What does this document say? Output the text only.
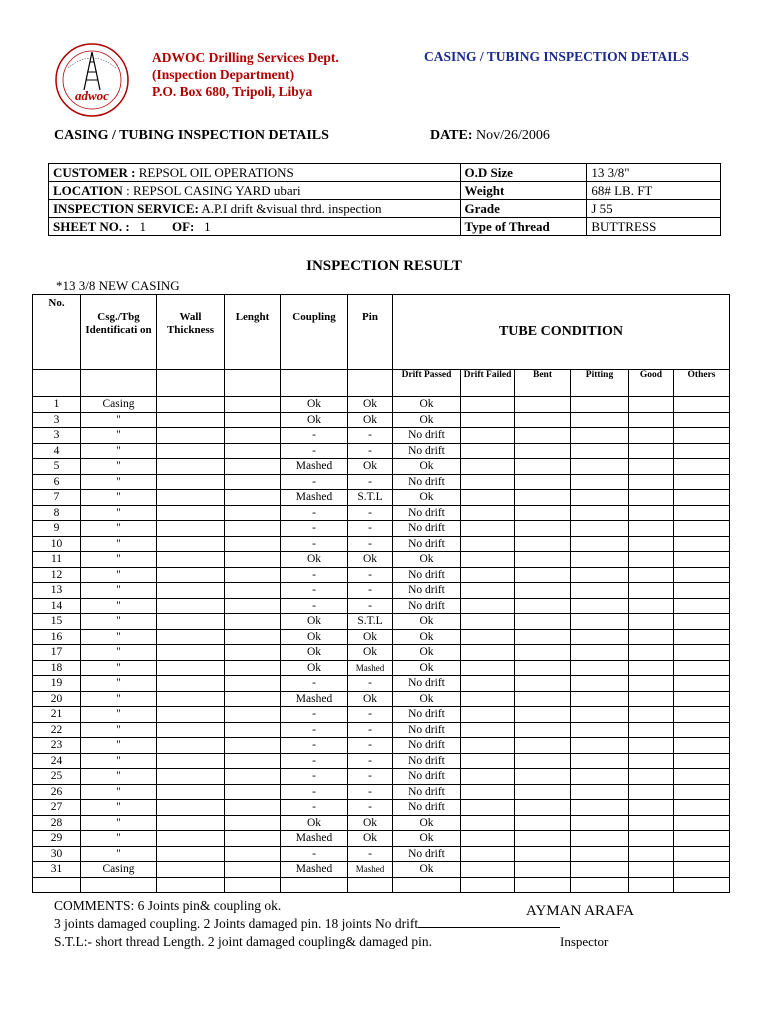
adwoc
ADWOC Drilling Services Dept.
(Inspection Department)
P.O. Box 680, Tripoli, Libya
CASING / TUBING INSPECTION DETAILS
CASING / TUBING INSPECTION DETAILS	DATE: Nov/26/2006
CUSTOMER : REPSOL OIL OPERATIONS	O.D Size	13 3/8"
LOCATION : REPSOL CASING YARD ubari	Weight	68# LB. FT
INSPECTION SERVICE: A.P.I drift &visual thrd. inspection	Grade	J 55
SHEET NO. : 1 OF: 1	Type of Thread	BUTTRESS
INSPECTION RESULT
*13 3/8 NEW CASING
No.	Csg./Tbg Identificati on	Wall Thickness	Lenght	Coupling	Pin	TUBE CONDITION					
						Drift Passed	Drift Failed	Bent	Pitting	Good	Others
1	Casing			Ok	Ok	Ok					
3	"			Ok	Ok	Ok					
3	"			-	-	No drift					
4	"			-	-	No drift					
5	"			Mashed	Ok	Ok					
6	"			-	-	No drift					
7	"			Mashed	S.T.L	Ok					
8	"			-	-	No drift					
9	"			-	-	No drift					
10	"			-	-	No drift					
11	"			Ok	Ok	Ok					
12	"			-	-	No drift					
13	"			-	-	No drift					
14	"			-	-	No drift					
15	"			Ok	S.T.L	Ok					
16	"			Ok	Ok	Ok					
17	"			Ok	Ok	Ok					
18	"			Ok	Mashed	Ok					
19	"			-	-	No drift					
20	"			Mashed	Ok	Ok					
21	"			-	-	No drift					
22	"			-	-	No drift					
23	"			-	-	No drift					
24	"			-	-	No drift					
25	"			-	-	No drift					
26	"			-	-	No drift					
27	"			-	-	No drift					
28	"			Ok	Ok	Ok					
29	"			Mashed	Ok	Ok					
30	"			-	-	No drift					
31	Casing			Mashed	Mashed	Ok					

COMMENTS: 6 Joints pin& coupling ok.
3 joints damaged coupling. 2 Joints damaged pin. 18 joints No drift
S.T.L:- short thread Length. 2 joint damaged coupling& damaged pin.
AYMAN ARAFA
Inspector
